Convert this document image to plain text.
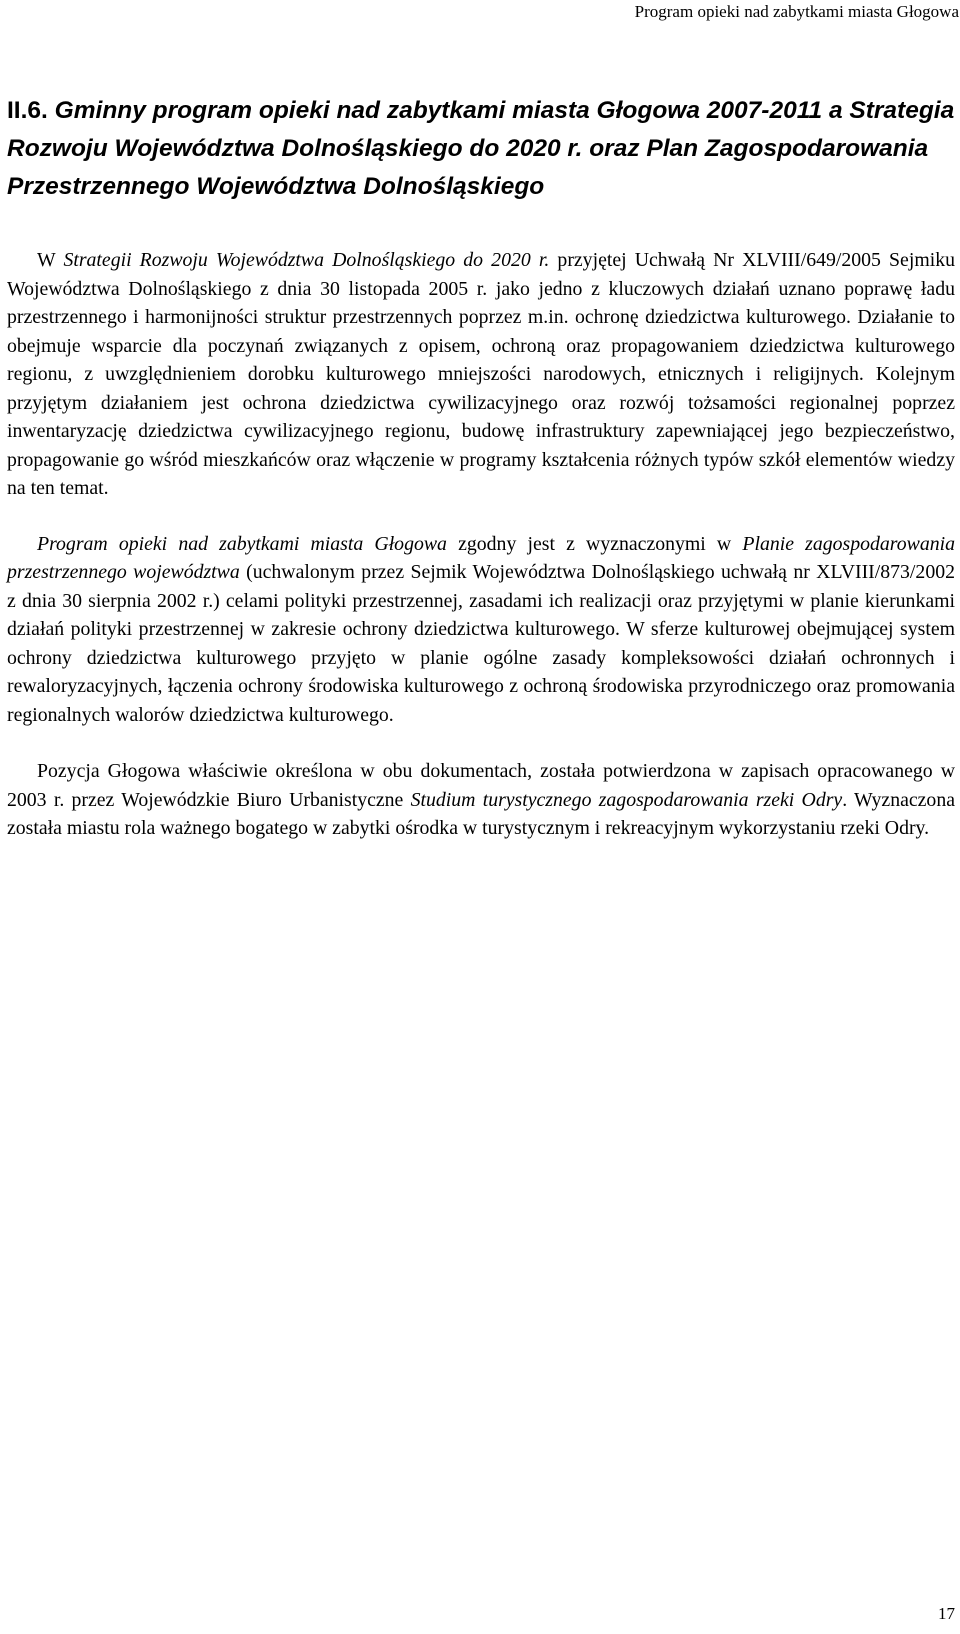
Program opieki nad zabytkami miasta Głogowa
II.6. Gminny program opieki nad zabytkami miasta Głogowa 2007-2011 a Strategia Rozwoju Województwa Dolnośląskiego do 2020 r. oraz Plan Zagospodarowania Przestrzennego Województwa Dolnośląskiego

W Strategii Rozwoju Województwa Dolnośląskiego do 2020 r. przyjętej Uchwałą Nr XLVIII/649/2005 Sejmiku Województwa Dolnośląskiego z dnia 30 listopada 2005 r. jako jedno z kluczowych działań uznano poprawę ładu przestrzennego i harmonijności struktur przestrzennych poprzez m.in. ochronę dziedzictwa kulturowego. Działanie to obejmuje wsparcie dla poczynań związanych z opisem, ochroną oraz propagowaniem dziedzictwa kulturowego regionu, z uwzględnieniem dorobku kulturowego mniejszości narodowych, etnicznych i religijnych. Kolejnym przyjętym działaniem jest ochrona dziedzictwa cywilizacyjnego oraz rozwój tożsamości regionalnej poprzez inwentaryzację dziedzictwa cywilizacyjnego regionu, budowę infrastruktury zapewniającej jego bezpieczeństwo, propagowanie go wśród mieszkańców oraz włączenie w programy kształcenia różnych typów szkół elementów wiedzy na ten temat.

Program opieki nad zabytkami miasta Głogowa zgodny jest z wyznaczonymi w Planie zagospodarowania przestrzennego województwa (uchwalonym przez Sejmik Województwa Dolnośląskiego uchwałą nr XLVIII/873/2002 z dnia 30 sierpnia 2002 r.) celami polityki przestrzennej, zasadami ich realizacji oraz przyjętymi w planie kierunkami działań polityki przestrzennej w zakresie ochrony dziedzictwa kulturowego. W sferze kulturowej obejmującej system ochrony dziedzictwa kulturowego przyjęto w planie ogólne zasady kompleksowości działań ochronnych i rewaloryzacyjnych, łączenia ochrony środowiska kulturowego z ochroną środowiska przyrodniczego oraz promowania regionalnych walorów dziedzictwa kulturowego.

Pozycja Głogowa właściwie określona w obu dokumentach, została potwierdzona w zapisach opracowanego w 2003 r. przez Wojewódzkie Biuro Urbanistyczne Studium turystycznego zagospodarowania rzeki Odry. Wyznaczona została miastu rola ważnego bogatego w zabytki ośrodka w turystycznym i rekreacyjnym wykorzystaniu rzeki Odry.

17
